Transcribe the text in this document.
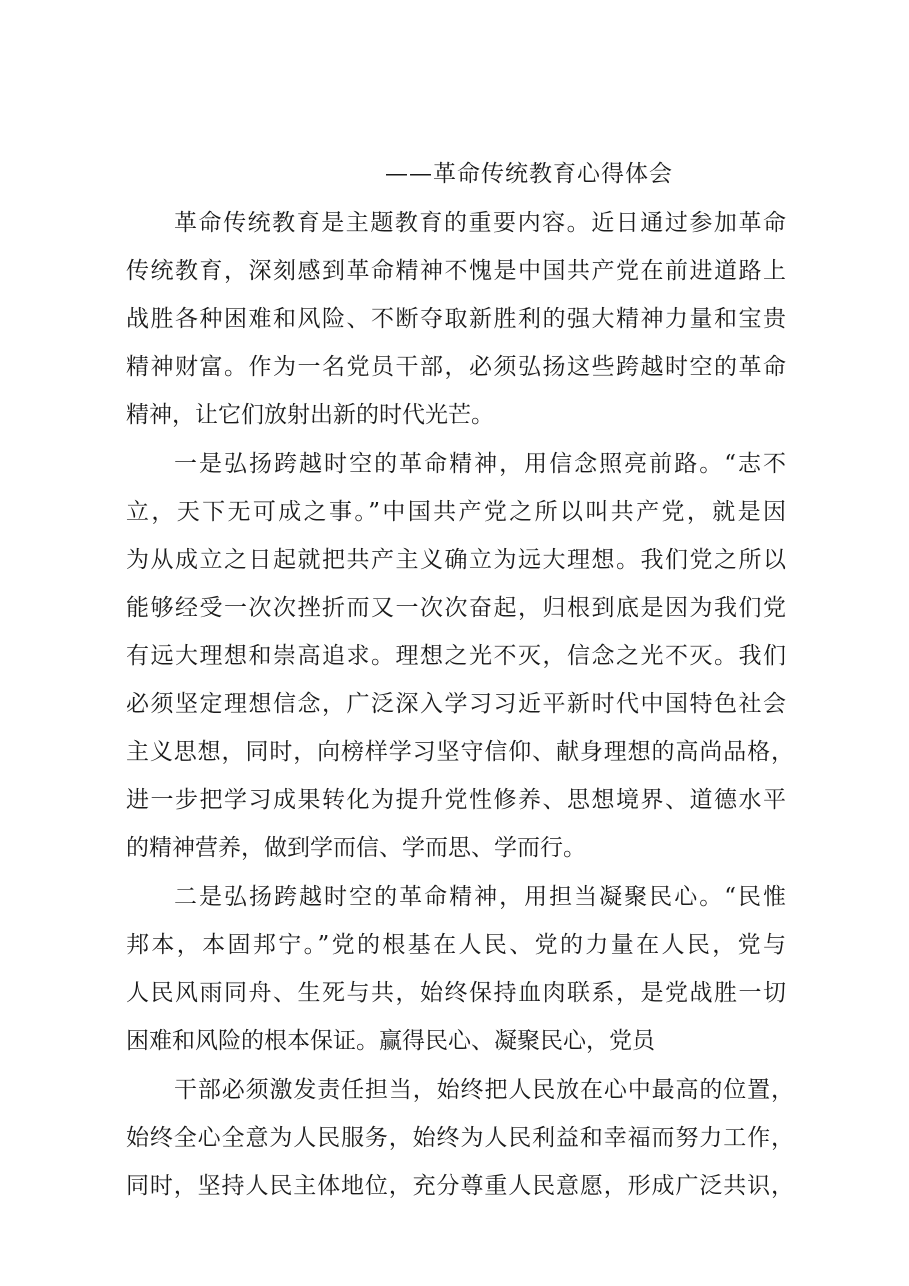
——革命传统教育心得体会
革命传统教育是主题教育的重要内容。近日通过参加革命
传统教育，深刻感到革命精神不愧是中国共产党在前进道路上
战胜各种困难和风险、不断夺取新胜利的强大精神力量和宝贵
精神财富。作为一名党员干部，必须弘扬这些跨越时空的革命
精神，让它们放射出新的时代光芒。
一是弘扬跨越时空的革命精神，用信念照亮前路。“志不
立，天下无可成之事。”中国共产党之所以叫共产党，就是因
为从成立之日起就把共产主义确立为远大理想。我们党之所以
能够经受一次次挫折而又一次次奋起，归根到底是因为我们党
有远大理想和崇高追求。理想之光不灭，信念之光不灭。我们
必须坚定理想信念，广泛深入学习习近平新时代中国特色社会
主义思想，同时，向榜样学习坚守信仰、献身理想的高尚品格，
进一步把学习成果转化为提升党性修养、思想境界、道德水平
的精神营养，做到学而信、学而思、学而行。
二是弘扬跨越时空的革命精神，用担当凝聚民心。“民惟
邦本，本固邦宁。”党的根基在人民、党的力量在人民，党与
人民风雨同舟、生死与共，始终保持血肉联系，是党战胜一切
困难和风险的根本保证。赢得民心、凝聚民心，党员
干部必须激发责任担当，始终把人民放在心中最高的位置，
始终全心全意为人民服务，始终为人民利益和幸福而努力工作，
同时，坚持人民主体地位，充分尊重人民意愿，形成广泛共识，
